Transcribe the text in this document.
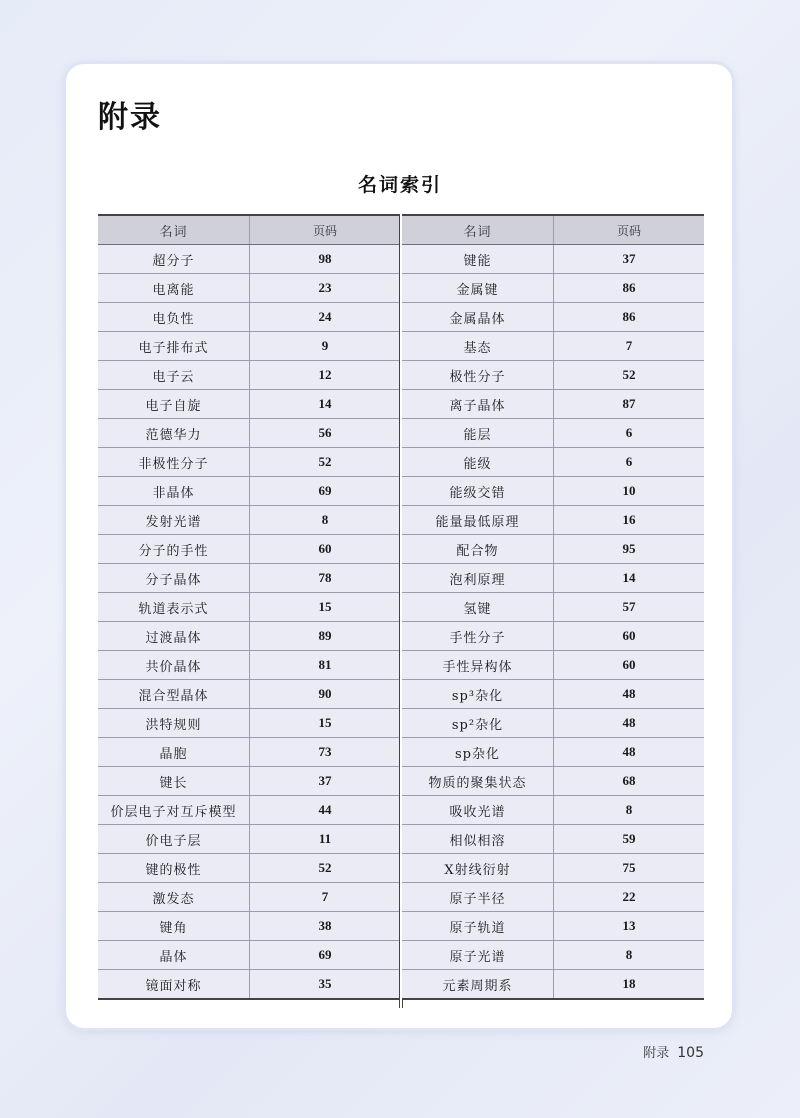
附录
名词索引
名词	页码
超分子	98
电离能	23
电负性	24
电子排布式	9
电子云	12
电子自旋	14
范德华力	56
非极性分子	52
非晶体	69
发射光谱	8
分子的手性	60
分子晶体	78
轨道表示式	15
过渡晶体	89
共价晶体	81
混合型晶体	90
洪特规则	15
晶胞	73
键长	37
价层电子对互斥模型	44
价电子层	11
键的极性	52
激发态	7
键角	38
晶体	69
镜面对称	35
名词	页码
键能	37
金属键	86
金属晶体	86
基态	7
极性分子	52
离子晶体	87
能层	6
能级	6
能级交错	10
能量最低原理	16
配合物	95
泡利原理	14
氢键	57
手性分子	60
手性异构体	60
sp³杂化	48
sp²杂化	48
sp杂化	48
物质的聚集状态	68
吸收光谱	8
相似相溶	59
X射线衍射	75
原子半径	22
原子轨道	13
原子光谱	8
元素周期系	18
附录 105
